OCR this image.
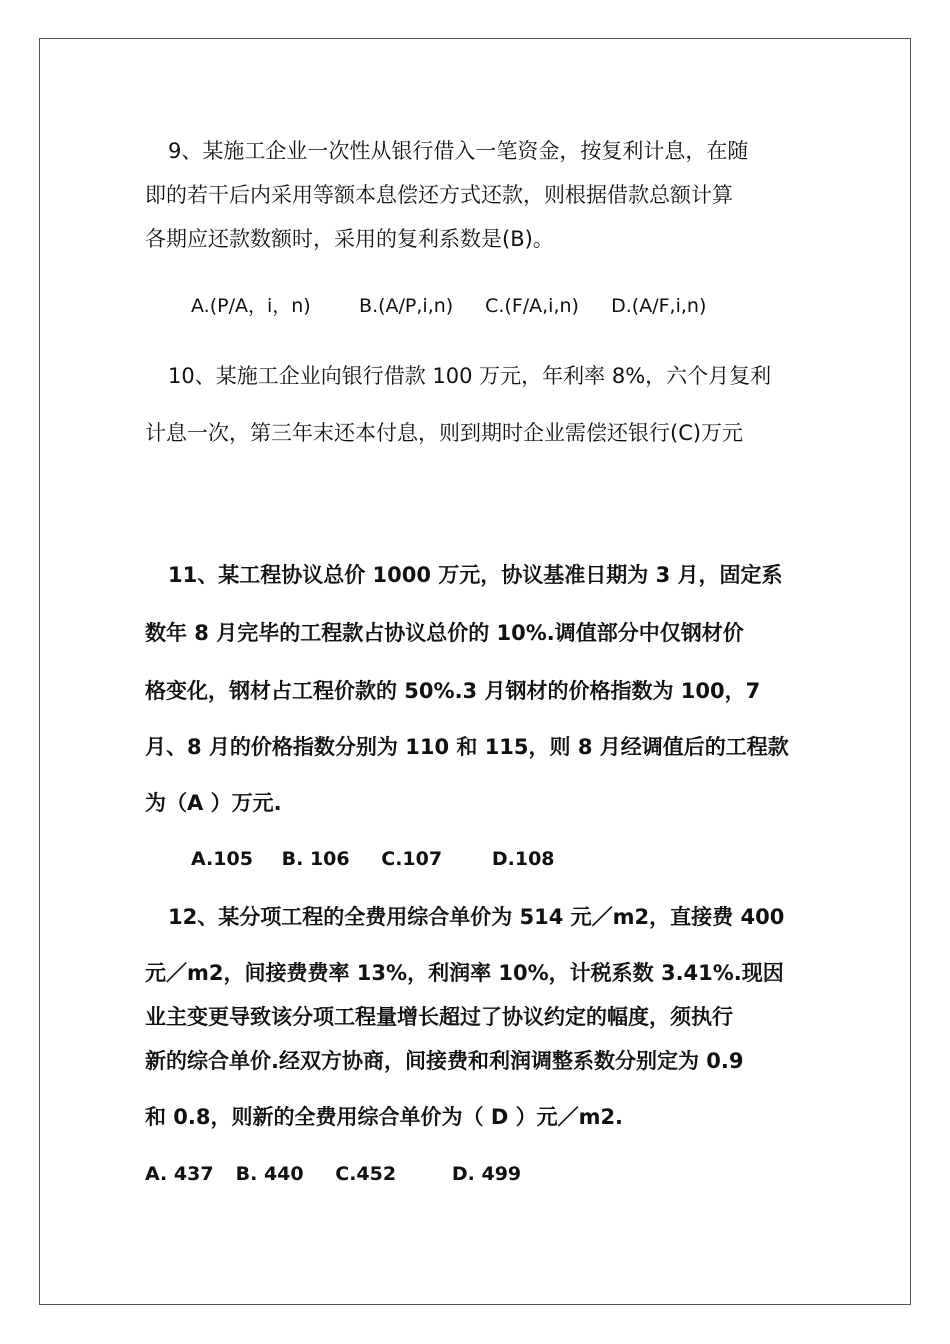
9、某施工企业一次性从银行借入一笔资金，按复利计息，在随
即的若干后内采用等额本息偿还方式还款，则根据借款总额计算
各期应还款数额时，采用的复利系数是(B)。
A.(P/A，i，n)	B.(A/P,i,n) C.(F/A,i,n) D.(A/F,i,n)
10、某施工企业向银行借款 100 万元，年利率 8%，六个月复利
计息一次，第三年末还本付息，则到期时企业需偿还银行(C)万元
11、某工程协议总价 1000 万元，协议基准日期为 3 月，固定系
数年 8 月完毕的工程款占协议总价的 10%.调值部分中仅钢材价
格变化，钢材占工程价款的 50%.3 月钢材的价格指数为 100，7
月、8 月的价格指数分别为 110 和 115，则 8 月经调值后的工程款
为（A ）万元.
A.105 B. 106 C.107	D.108
12、某分项工程的全费用综合单价为 514 元／m2，直接费 400
元／m2，间接费费率 13%，利润率 10%，计税系数 3.41%.现因
业主变更导致该分项工程量增长超过了协议约定的幅度，须执行
新的综合单价.经双方协商，间接费和利润调整系数分别定为 0.9
和 0.8，则新的全费用综合单价为（ D ）元／m2.
A. 437 B. 440 C.452	D. 499
